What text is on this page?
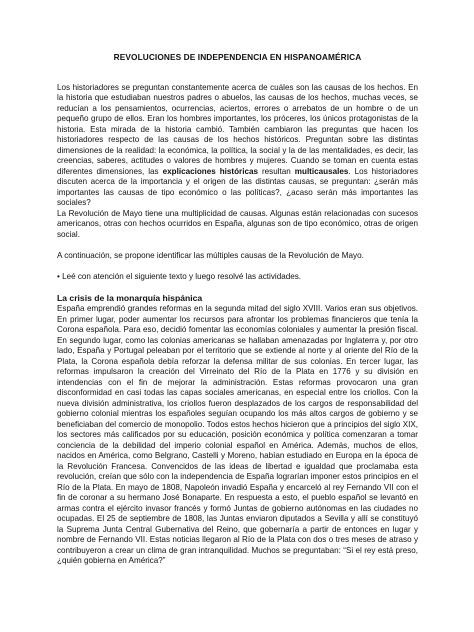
REVOLUCIONES DE INDEPENDENCIA EN HISPANOAMÉRICA

Los historiadores se preguntan constantemente acerca de cuáles son las causas de los hechos. En la historia que estudiaban nuestros padres o abuelos, las causas de los hechos, muchas veces, se reducían a los pensamientos, ocurrencias, aciertos, errores o arrebatos de un hombre o de un pequeño grupo de ellos. Eran los hombres importantes, los próceres, los únicos protagonistas de la historia. Esta mirada de la historia cambió. También cambiaron las preguntas que hacen los historiadores respecto de las causas de los hechos históricos. Preguntan sobre las distintas dimensiones de la realidad: la económica, la política, la social y la de las mentalidades, es decir, las creencias, saberes, actitudes o valores de hombres y mujeres. Cuando se toman en cuenta estas diferentes dimensiones, las explicaciones históricas resultan multicausales. Los historiadores discuten acerca de la importancia y el origen de las distintas causas, se preguntan: ¿serán más importantes las causas de tipo económico o las políticas?, ¿acaso serán más importantes las sociales?

La Revolución de Mayo tiene una multiplicidad de causas. Algunas están relacionadas con sucesos americanos, otras con hechos ocurridos en España, algunas son de tipo económico, otras de origen social.

A continuación, se propone identificar las múltiples causas de la Revolución de Mayo.

• Leé con atención el siguiente texto y luego resolvé las actividades.

La crisis de la monarquía hispánica

España emprendió grandes reformas en la segunda mitad del siglo XVIII. Varios eran sus objetivos. En primer lugar, poder aumentar los recursos para afrontar los problemas financieros que tenía la Corona española. Para eso, decidió fomentar las economías coloniales y aumentar la presión fiscal. En segundo lugar, como las colonias americanas se hallaban amenazadas por Inglaterra y, por otro lado, España y Portugal peleaban por el territorio que se extiende al norte y al oriente del Río de la Plata, la Corona española debía reforzar la defensa militar de sus colonias. En tercer lugar, las reformas impulsaron la creación del Virreinato del Río de la Plata en 1776 y su división en intendencias con el fin de mejorar la administración. Estas reformas provocaron una gran disconformidad en casi todas las capas sociales americanas, en especial entre los criollos. Con la nueva división administrativa, los criollos fueron desplazados de los cargos de responsabilidad del gobierno colonial mientras los españoles seguían ocupando los más altos cargos de gobierno y se beneficiaban del comercio de monopolio. Todos estos hechos hicieron que a principios del siglo XIX, los sectores más calificados por su educación, posición económica y política comenzaran a tomar conciencia de la debilidad del imperio colonial español en América. Además, muchos de ellos, nacidos en América, como Belgrano, Castelli y Moreno, habían estudiado en Europa en la época de la Revolución Francesa. Convencidos de las ideas de libertad e igualdad que proclamaba esta revolución, creían que sólo con la independencia de España lograrían imponer estos principios en el Río de la Plata. En mayo de 1808, Napoleón invadió España y encarceló al rey Fernando VII con el fin de coronar a su hermano José Bonaparte. En respuesta a esto, el pueblo español se levantó en armas contra el ejército invasor francés y formó Juntas de gobierno autónomas en las ciudades no ocupadas. El 25 de septiembre de 1808, las Juntas enviaron diputados a Sevilla y allí se constituyó la Suprema Junta Central Gubernativa del Reino, que gobernaría a partir de entonces en lugar y nombre de Fernando VII. Estas noticias llegaron al Río de la Plata con dos o tres meses de atraso y contribuyeron a crear un clima de gran intranquilidad. Muchos se preguntaban: “Si el rey está preso, ¿quién gobierna en América?”
